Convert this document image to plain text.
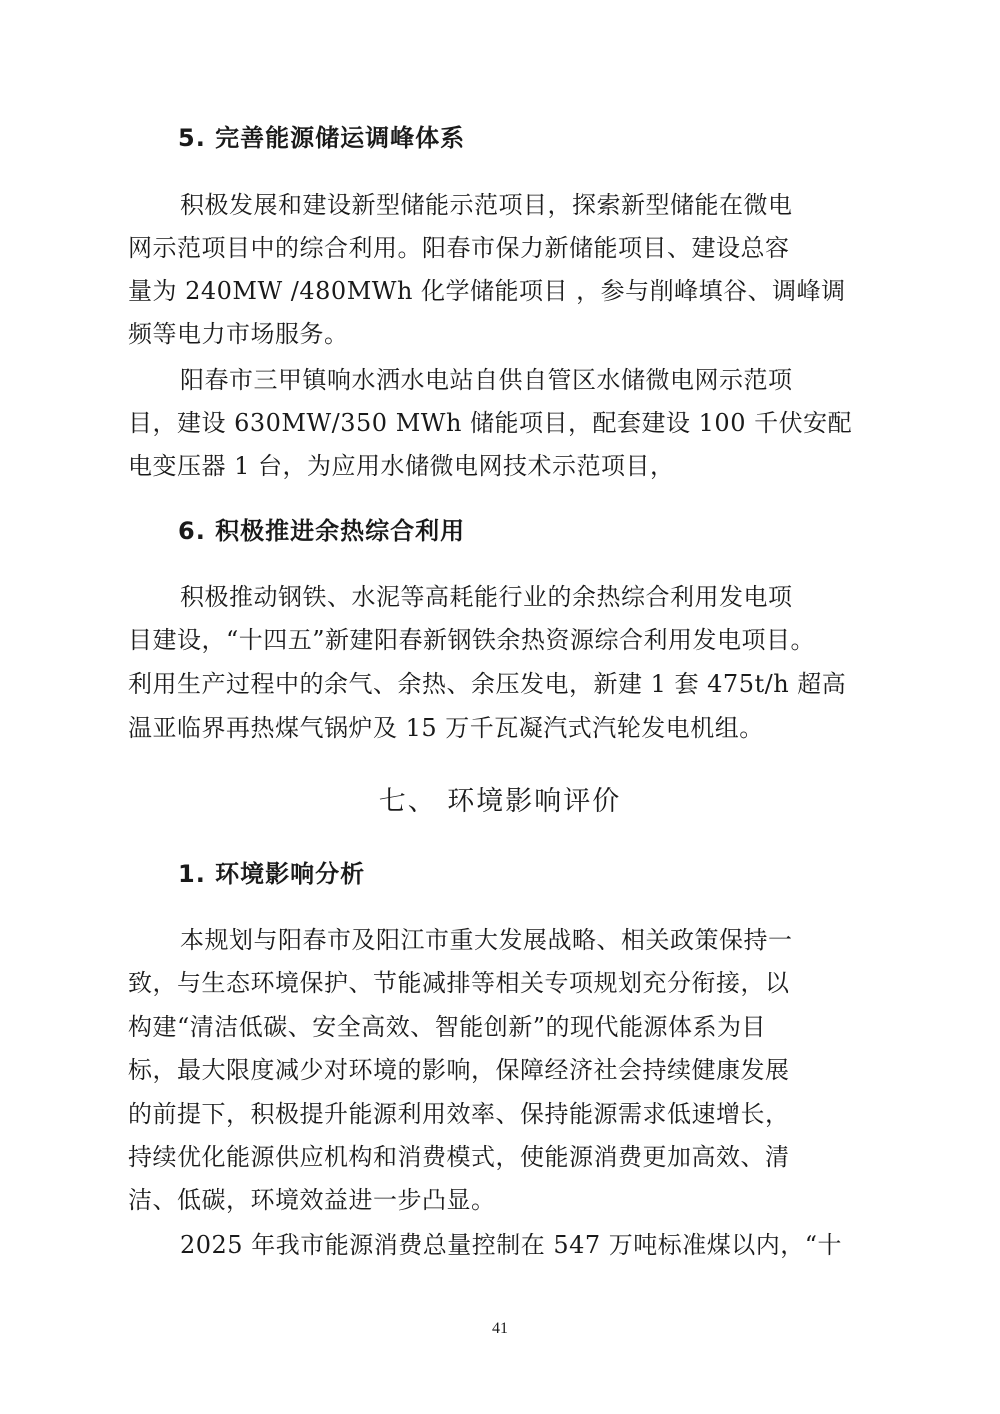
5. 完善能源储运调峰体系
积极发展和建设新型储能示范项目，探索新型储能在微电
网示范项目中的综合利用。阳春市保力新储能项目、建设总容
量为 240MW /480MWh 化学储能项目 ，参与削峰填谷、调峰调
频等电力市场服务。
阳春市三甲镇响水洒水电站自供自管区水储微电网示范项
目，建设 630MW/350 MWh 储能项目，配套建设 100 千伏安配
电变压器 1 台，为应用水储微电网技术示范项目，
6. 积极推进余热综合利用
积极推动钢铁、水泥等高耗能行业的余热综合利用发电项
目建设，“十四五”新建阳春新钢铁余热资源综合利用发电项目。
利用生产过程中的余气、余热、余压发电，新建 1 套 475t/h 超高
温亚临界再热煤气锅炉及 15 万千瓦凝汽式汽轮发电机组。
七、 环境影响评价
1. 环境影响分析
本规划与阳春市及阳江市重大发展战略、相关政策保持一
致，与生态环境保护、节能减排等相关专项规划充分衔接，以
构建“清洁低碳、安全高效、智能创新”的现代能源体系为目
标，最大限度减少对环境的影响，保障经济社会持续健康发展
的前提下，积极提升能源利用效率、保持能源需求低速增长，
持续优化能源供应机构和消费模式，使能源消费更加高效、清
洁、低碳，环境效益进一步凸显。
2025 年我市能源消费总量控制在 547 万吨标准煤以内，“十
41
